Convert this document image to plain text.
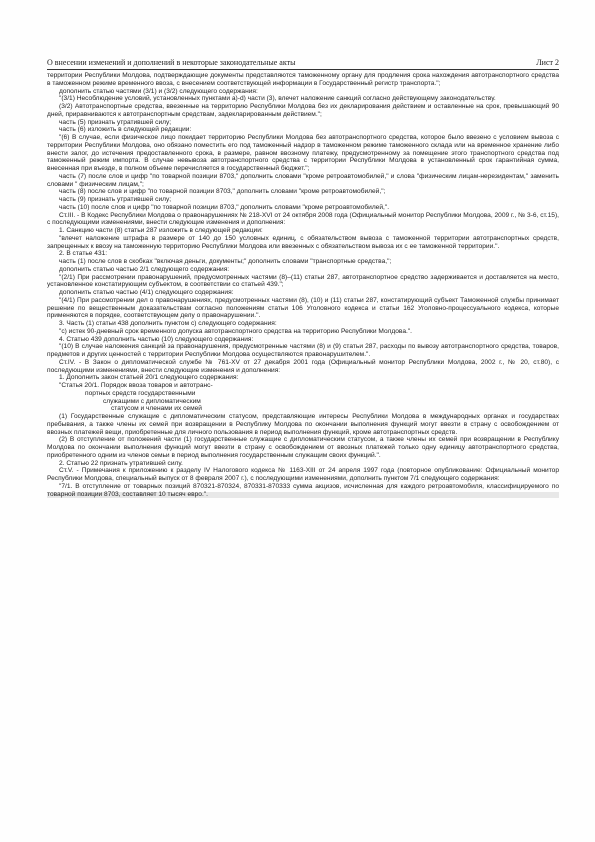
О внесении изменений и дополнений в некоторые законодательные акты	Лист 2

территории Республики Молдова, подтверждающие документы представляются таможенному органу для продления срока нахождения автотранспортного средства в таможенном режиме временного ввоза, с внесением соответствующей информации в Государственный регистр транспорта.";

дополнить статью частями (3/1) и (3/2) следующего содержания:

"(3/1) Несоблюдение условий, установленных пунктами a)-d) части (3), влечет наложение санкций согласно действующему законодательству.

(3/2) Автотранспортные средства, ввезенные на территорию Республики Молдова без их декларирования действием и оставленные на срок, превышающий 90 дней, приравниваются к автотранспортным средствам, задекларированным действием.";

часть (5) признать утратившей силу;

часть (6) изложить в следующей редакции:

"(6) В случае, если физическое лицо покидает территорию Республики Молдова без автотранспортного средства, которое было ввезено с условием вывоза с территории Республики Молдова, оно обязано поместить его под таможенный надзор в таможенном режиме таможенного склада или на временное хранение либо внести залог, до истечения предоставленного срока, в размере, равном ввозному платежу, предусмотренному за помещение этого транспортного средства под таможенный режим импорта. В случае невывоза автотранспортного средства с территории Республики Молдова в установленный срок гарантийная сумма, внесенная при въезде, в полном объеме перечисляется в государственный бюджет.";

часть (7) после слов и цифр "по товарной позиции 8703," дополнить словами "кроме ретроавтомобилей," и слова "физическим лицам-нерезидентам," заменить словами " физическим лицам,";

часть (8) после слов и цифр "по товарной позиции 8703," дополнить словами "кроме ретроавтомобилей,";

часть (9) признать утратившей силу;

часть (10) после слов и цифр "по товарной позиции 8703," дополнить словами "кроме ретроавтомобилей,".

Ст.III. - В Кодекс Республики Молдова о правонарушениях № 218-XVI от 24 октября 2008 года (Официальный монитор Республики Молдова, 2009 г., № 3-6, ст.15), с последующими изменениями, внести следующие изменения и дополнения:

1. Санкцию части (8) статьи 287 изложить в следующей редакции:

"влечет наложение штрафа в размере от 140 до 150 условных единиц, с обязательством вывоза с таможенной территории автотранспортных средств, запрещенных к ввозу на таможенную территорию Республики Молдова или ввезенных с обязательством вывоза их с ее таможенной территории.".

2. В статье 431:

часть (1) после слов в скобках "включая деньги, документы;" дополнить словами "транспортные средства,";

дополнить статью частью 2/1 следующего содержания:

"(2/1) При рассмотрении правонарушений, предусмотренных частями (8)–(11) статьи 287, автотранспортное средство задерживается и доставляется на место, установленное констатирующим субъектом, в соответствии со статьей 439.";

дополнить статью частью (4/1) следующего содержания:

"(4/1) При рассмотрении дел о правонарушениях, предусмотренных частями (8), (10) и (11) статьи 287, констатирующий субъект Таможенной службы принимает решение по вещественным доказательствам согласно положениям статьи 106 Уголовного кодекса и статьи 162 Уголовно-процессуального кодекса, которые применяются в порядке, соответствующем делу о правонарушении.".

3. Часть (1) статьи 438 дополнить пунктом с) следующего содержания:

"с) истек 90-дневный срок временного допуска автотранспортного средства на территорию Республики Молдова.".

4. Статью 439 дополнить частью (10) следующего содержания:

"(10) В случае наложения санкций за правонарушения, предусмотренные частями (8) и (9) статьи 287, расходы по вывозу автотранспортного средства, товаров, предметов и других ценностей с территории Республики Молдова осуществляются правонарушителем.".

Ст.IV. - В Закон о дипломатической службе № 761-XV от 27 декабря 2001 года (Официальный монитор Республики Молдова, 2002 г., № 20, ст.80), с последующими изменениями, внести следующие изменения и дополнения:

1. Дополнить закон статьей 20/1 следующего содержания:

"Статья 20/1. Порядок ввоза товаров и автотранс-

портных средств государственными

служащими с дипломатическим

статусом и членами их семей

(1) Государственные служащие с дипломатическим статусом, представляющие интересы Республики Молдова в международных органах и государствах пребывания, а также члены их семей при возвращении в Республику Молдова по окончании выполнения функций могут ввезти в страну с освобождением от ввозных платежей вещи, приобретенные для личного пользования в период выполнения функций, кроме автотранспортных средств.

(2) В отступление от положений части (1) государственные служащие с дипломатическим статусом, а также члены их семей при возвращении в Республику Молдова по окончании выполнения функций могут ввезти в страну с освобождением от ввозных платежей только одну единицу автотранспортного средства, приобретенного одним из членов семьи в период выполнения государственным служащим своих функций.".

2. Статью 22 признать утратившей силу.

Ст.V. - Примечания к приложению к разделу IV Налогового кодекса № 1163-XIII от 24 апреля 1997 года (повторное опубликование: Официальный монитор Республики Молдова, специальный выпуск от 8 февраля 2007 г.), с последующими изменениями, дополнить пунктом 7/1 следующего содержания:

"7/1. В отступление от товарных позиций 870321-870324, 870331-870333 сумма акцизов, исчисленная для каждого ретроавтомобиля, классифицируемого по товарной позиции 8703, составляет 10 тысяч евро.".
